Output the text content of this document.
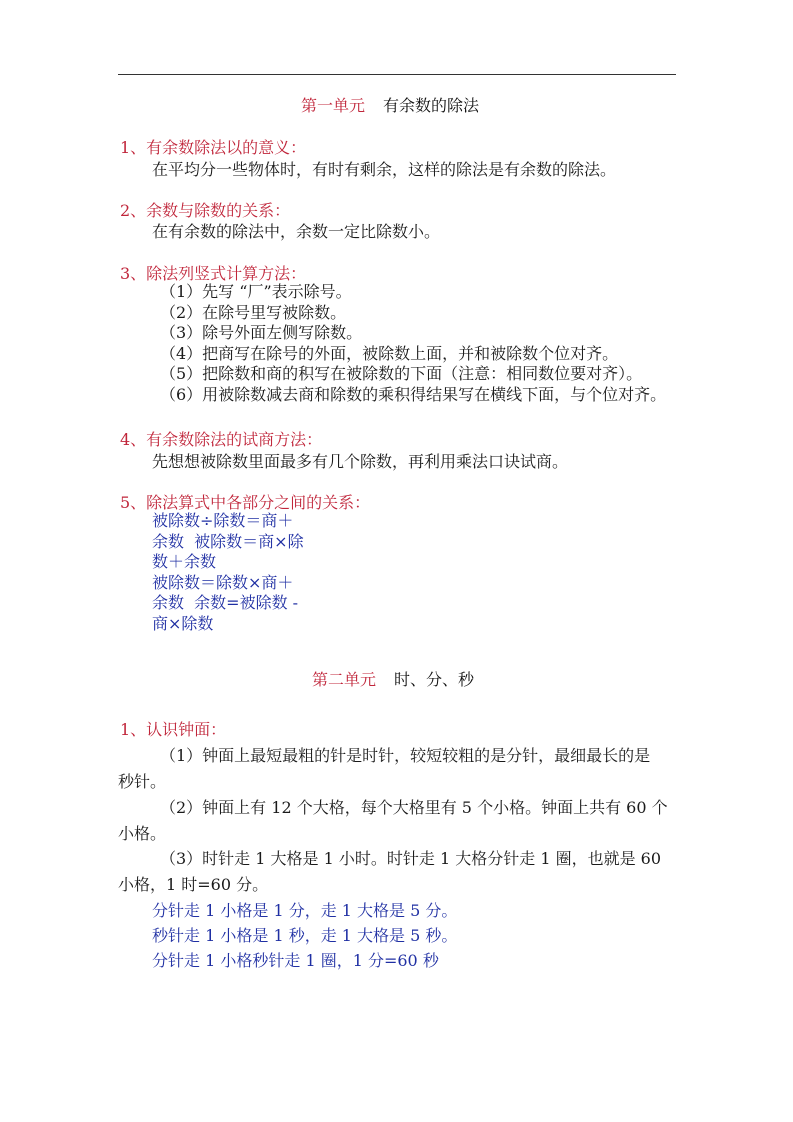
第一单元 有余数的除法
1、有余数除法以的意义：
在平均分一些物体时，有时有剩余，这样的除法是有余数的除法。
2、余数与除数的关系：
在有余数的除法中，余数一定比除数小。
3、除法列竖式计算方法：
（1）先写 “厂”表示除号。
（2）在除号里写被除数。
（3）除号外面左侧写除数。
（4）把商写在除号的外面，被除数上面，并和被除数个位对齐。
（5）把除数和商的积写在被除数的下面（注意：相同数位要对齐）。
（6）用被除数减去商和除数的乘积得结果写在横线下面，与个位对齐。
4、有余数除法的试商方法：
先想想被除数里面最多有几个除数，再利用乘法口诀试商。
5、除法算式中各部分之间的关系：
被除数÷除数＝商＋
余数  被除数＝商×除
数＋余数
被除数＝除数×商＋
余数  余数=被除数 -
商×除数
第二单元 时、分、秒
1、认识钟面：
（1）钟面上最短最粗的针是时针，较短较粗的是分针，最细最长的是
秒针。
（2）钟面上有 12 个大格，每个大格里有 5 个小格。钟面上共有 60 个
小格。
（3）时针走 1 大格是 1 小时。时针走 1 大格分针走 1 圈，也就是 60
小格，1 时=60 分。
分针走 1 小格是 1 分，走 1 大格是 5 分。
秒针走 1 小格是 1 秒，走 1 大格是 5 秒。
分针走 1 小格秒针走 1 圈，1 分=60 秒
